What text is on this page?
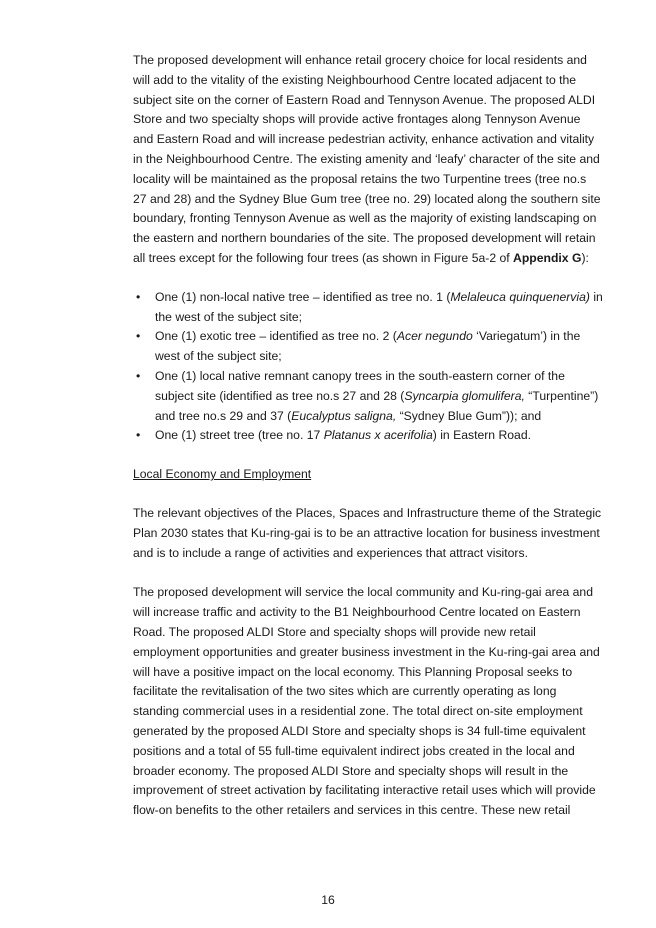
The proposed development will enhance retail grocery choice for local residents and will add to the vitality of the existing Neighbourhood Centre located adjacent to the subject site on the corner of Eastern Road and Tennyson Avenue. The proposed ALDI Store and two specialty shops will provide active frontages along Tennyson Avenue and Eastern Road and will increase pedestrian activity, enhance activation and vitality in the Neighbourhood Centre. The existing amenity and ‘leafy’ character of the site and locality will be maintained as the proposal retains the two Turpentine trees (tree no.s 27 and 28) and the Sydney Blue Gum tree (tree no. 29) located along the southern site boundary, fronting Tennyson Avenue as well as the majority of existing landscaping on the eastern and northern boundaries of the site. The proposed development will retain all trees except for the following four trees (as shown in Figure 5a-2 of Appendix G):

• One (1) non-local native tree – identified as tree no. 1 (Melaleuca quinquenervia) in the west of the subject site;
• One (1) exotic tree – identified as tree no. 2 (Acer negundo ‘Variegatum’) in the west of the subject site;
• One (1) local native remnant canopy trees in the south-eastern corner of the subject site (identified as tree no.s 27 and 28 (Syncarpia glomulifera, “Turpentine”) and tree no.s 29 and 37 (Eucalyptus saligna, “Sydney Blue Gum”)); and
• One (1) street tree (tree no. 17 Platanus x acerifolia) in Eastern Road.

Local Economy and Employment

The relevant objectives of the Places, Spaces and Infrastructure theme of the Strategic Plan 2030 states that Ku-ring-gai is to be an attractive location for business investment and is to include a range of activities and experiences that attract visitors.

The proposed development will service the local community and Ku-ring-gai area and will increase traffic and activity to the B1 Neighbourhood Centre located on Eastern Road. The proposed ALDI Store and specialty shops will provide new retail employment opportunities and greater business investment in the Ku-ring-gai area and will have a positive impact on the local economy. This Planning Proposal seeks to facilitate the revitalisation of the two sites which are currently operating as long standing commercial uses in a residential zone. The total direct on-site employment generated by the proposed ALDI Store and specialty shops is 34 full-time equivalent positions and a total of 55 full-time equivalent indirect jobs created in the local and broader economy. The proposed ALDI Store and specialty shops will result in the improvement of street activation by facilitating interactive retail uses which will provide flow-on benefits to the other retailers and services in this centre. These new retail

16
